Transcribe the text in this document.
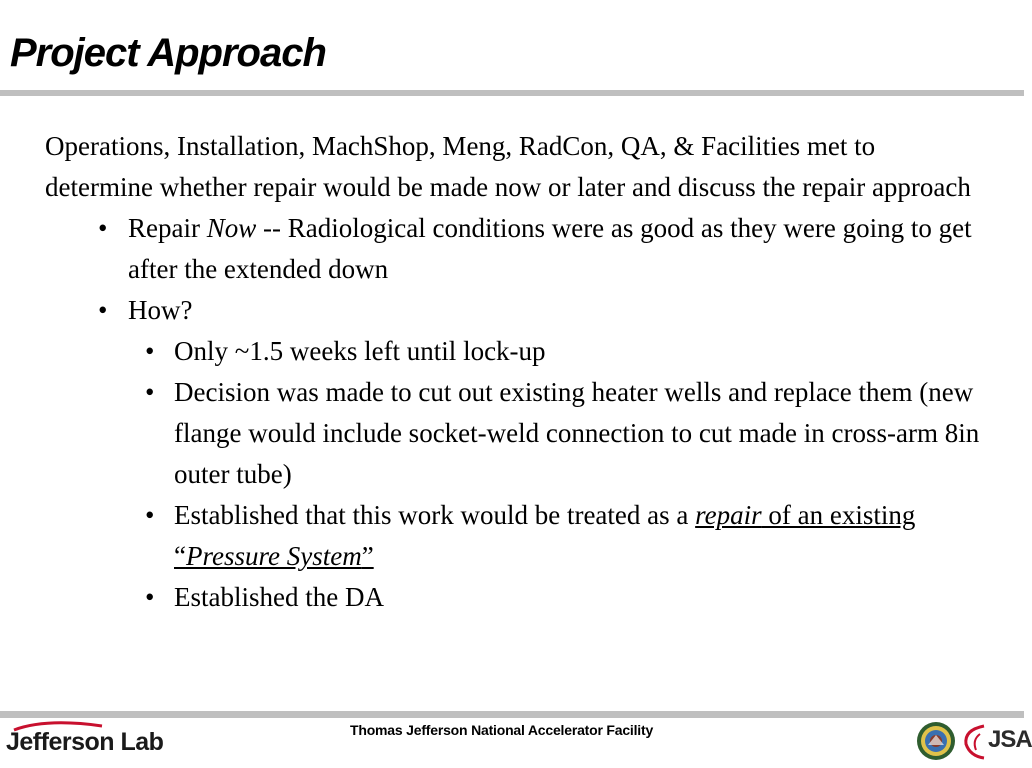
Project Approach

Operations, Installation, MachShop, Meng, RadCon, QA, & Facilities met to determine whether repair would be made now or later and discuss the repair approach

• Repair Now -- Radiological conditions were as good as they were going to get after the extended down
• How?
• Only ~1.5 weeks left until lock-up
• Decision was made to cut out existing heater wells and replace them (new flange would include socket-weld connection to cut made in cross-arm 8in outer tube)
• Established that this work would be treated as a repair of an existing “Pressure System”
• Established the DA
Jefferson Lab	Thomas Jefferson National Accelerator Facility	JSA
